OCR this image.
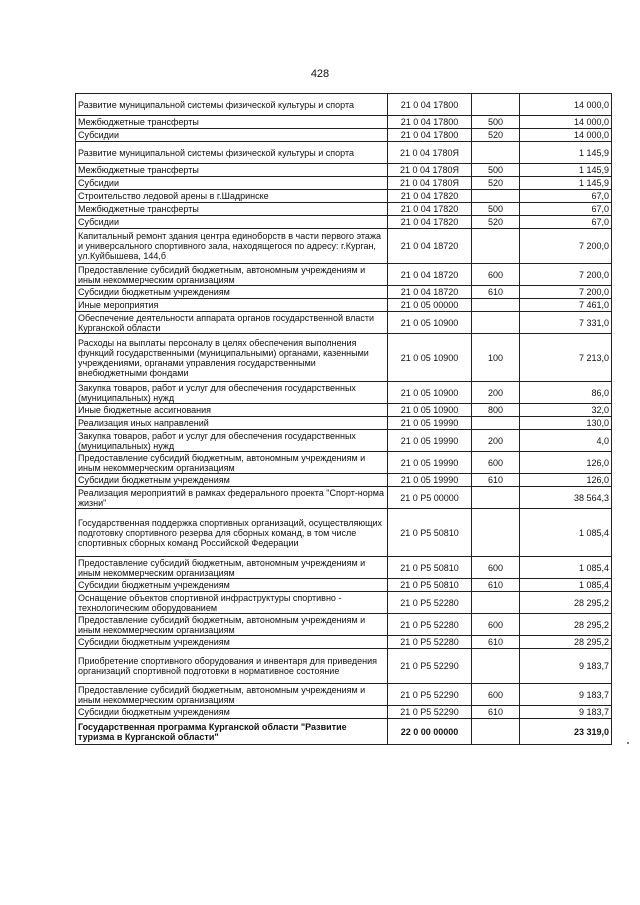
428
Развитие муниципальной системы физической культуры и спорта	21 0 04 17800		14 000,0
Межбюджетные трансферты	21 0 04 17800	500	14 000,0
Субсидии	21 0 04 17800	520	14 000,0
Развитие муниципальной системы физической культуры и спорта	21 0 04 1780Я		1 145,9
Межбюджетные трансферты	21 0 04 1780Я	500	1 145,9
Субсидии	21 0 04 1780Я	520	1 145,9
Строительство ледовой арены в г.Шадринске	21 0 04 17820		67,0
Межбюджетные трансферты	21 0 04 17820	500	67,0
Субсидии	21 0 04 17820	520	67,0
Капитальный ремонт здания центра единоборств в части первого этажа и универсального спортивного зала, находящегося по адресу: г.Курган, ул.Куйбышева, 144,б	21 0 04 18720		7 200,0
Предоставление субсидий бюджетным, автономным учреждениям и иным некоммерческим организациям	21 0 04 18720	600	7 200,0
Субсидии бюджетным учреждениям	21 0 04 18720	610	7 200,0
Иные мероприятия	21 0 05 00000		7 461,0
Обеспечение деятельности аппарата органов государственной власти Курганской области	21 0 05 10900		7 331,0
Расходы на выплаты персоналу в целях обеспечения выполнения функций государственными (муниципальными) органами, казенными учреждениями, органами управления государственными внебюджетными фондами	21 0 05 10900	100	7 213,0
Закупка товаров, работ и услуг для обеспечения государственных (муниципальных) нужд	21 0 05 10900	200	86,0
Иные бюджетные ассигнования	21 0 05 10900	800	32,0
Реализация иных направлений	21 0 05 19990		130,0
Закупка товаров, работ и услуг для обеспечения государственных (муниципальных) нужд	21 0 05 19990	200	4,0
Предоставление субсидий бюджетным, автономным учреждениям и иным некоммерческим организациям	21 0 05 19990	600	126,0
Субсидии бюджетным учреждениям	21 0 05 19990	610	126,0
Реализация мероприятий в рамках федерального проекта "Спорт-норма жизни"	21 0 P5 00000		38 564,3
Государственная поддержка спортивных организаций, осуществляющих подготовку спортивного резерва для сборных команд, в том числе спортивных сборных команд Российской Федерации	21 0 P5 50810		1 085,4
Предоставление субсидий бюджетным, автономным учреждениям и иным некоммерческим организациям	21 0 P5 50810	600	1 085,4
Субсидии бюджетным учреждениям	21 0 P5 50810	610	1 085,4
Оснащение объектов спортивной инфраструктуры спортивно - технологическим оборудованием	21 0 P5 52280		28 295,2
Предоставление субсидий бюджетным, автономным учреждениям и иным некоммерческим организациям	21 0 P5 52280	600	28 295,2
Субсидии бюджетным учреждениям	21 0 P5 52280	610	28 295,2
Приобретение спортивного оборудования и инвентаря для приведения организаций спортивной подготовки в нормативное состояние	21 0 P5 52290		9 183,7
Предоставление субсидий бюджетным, автономным учреждениям и иным некоммерческим организациям	21 0 P5 52290	600	9 183,7
Субсидии бюджетным учреждениям	21 0 P5 52290	610	9 183,7
Государственная программа Курганской области "Развитие туризма в Курганской области"	22 0 00 00000		23 319,0
